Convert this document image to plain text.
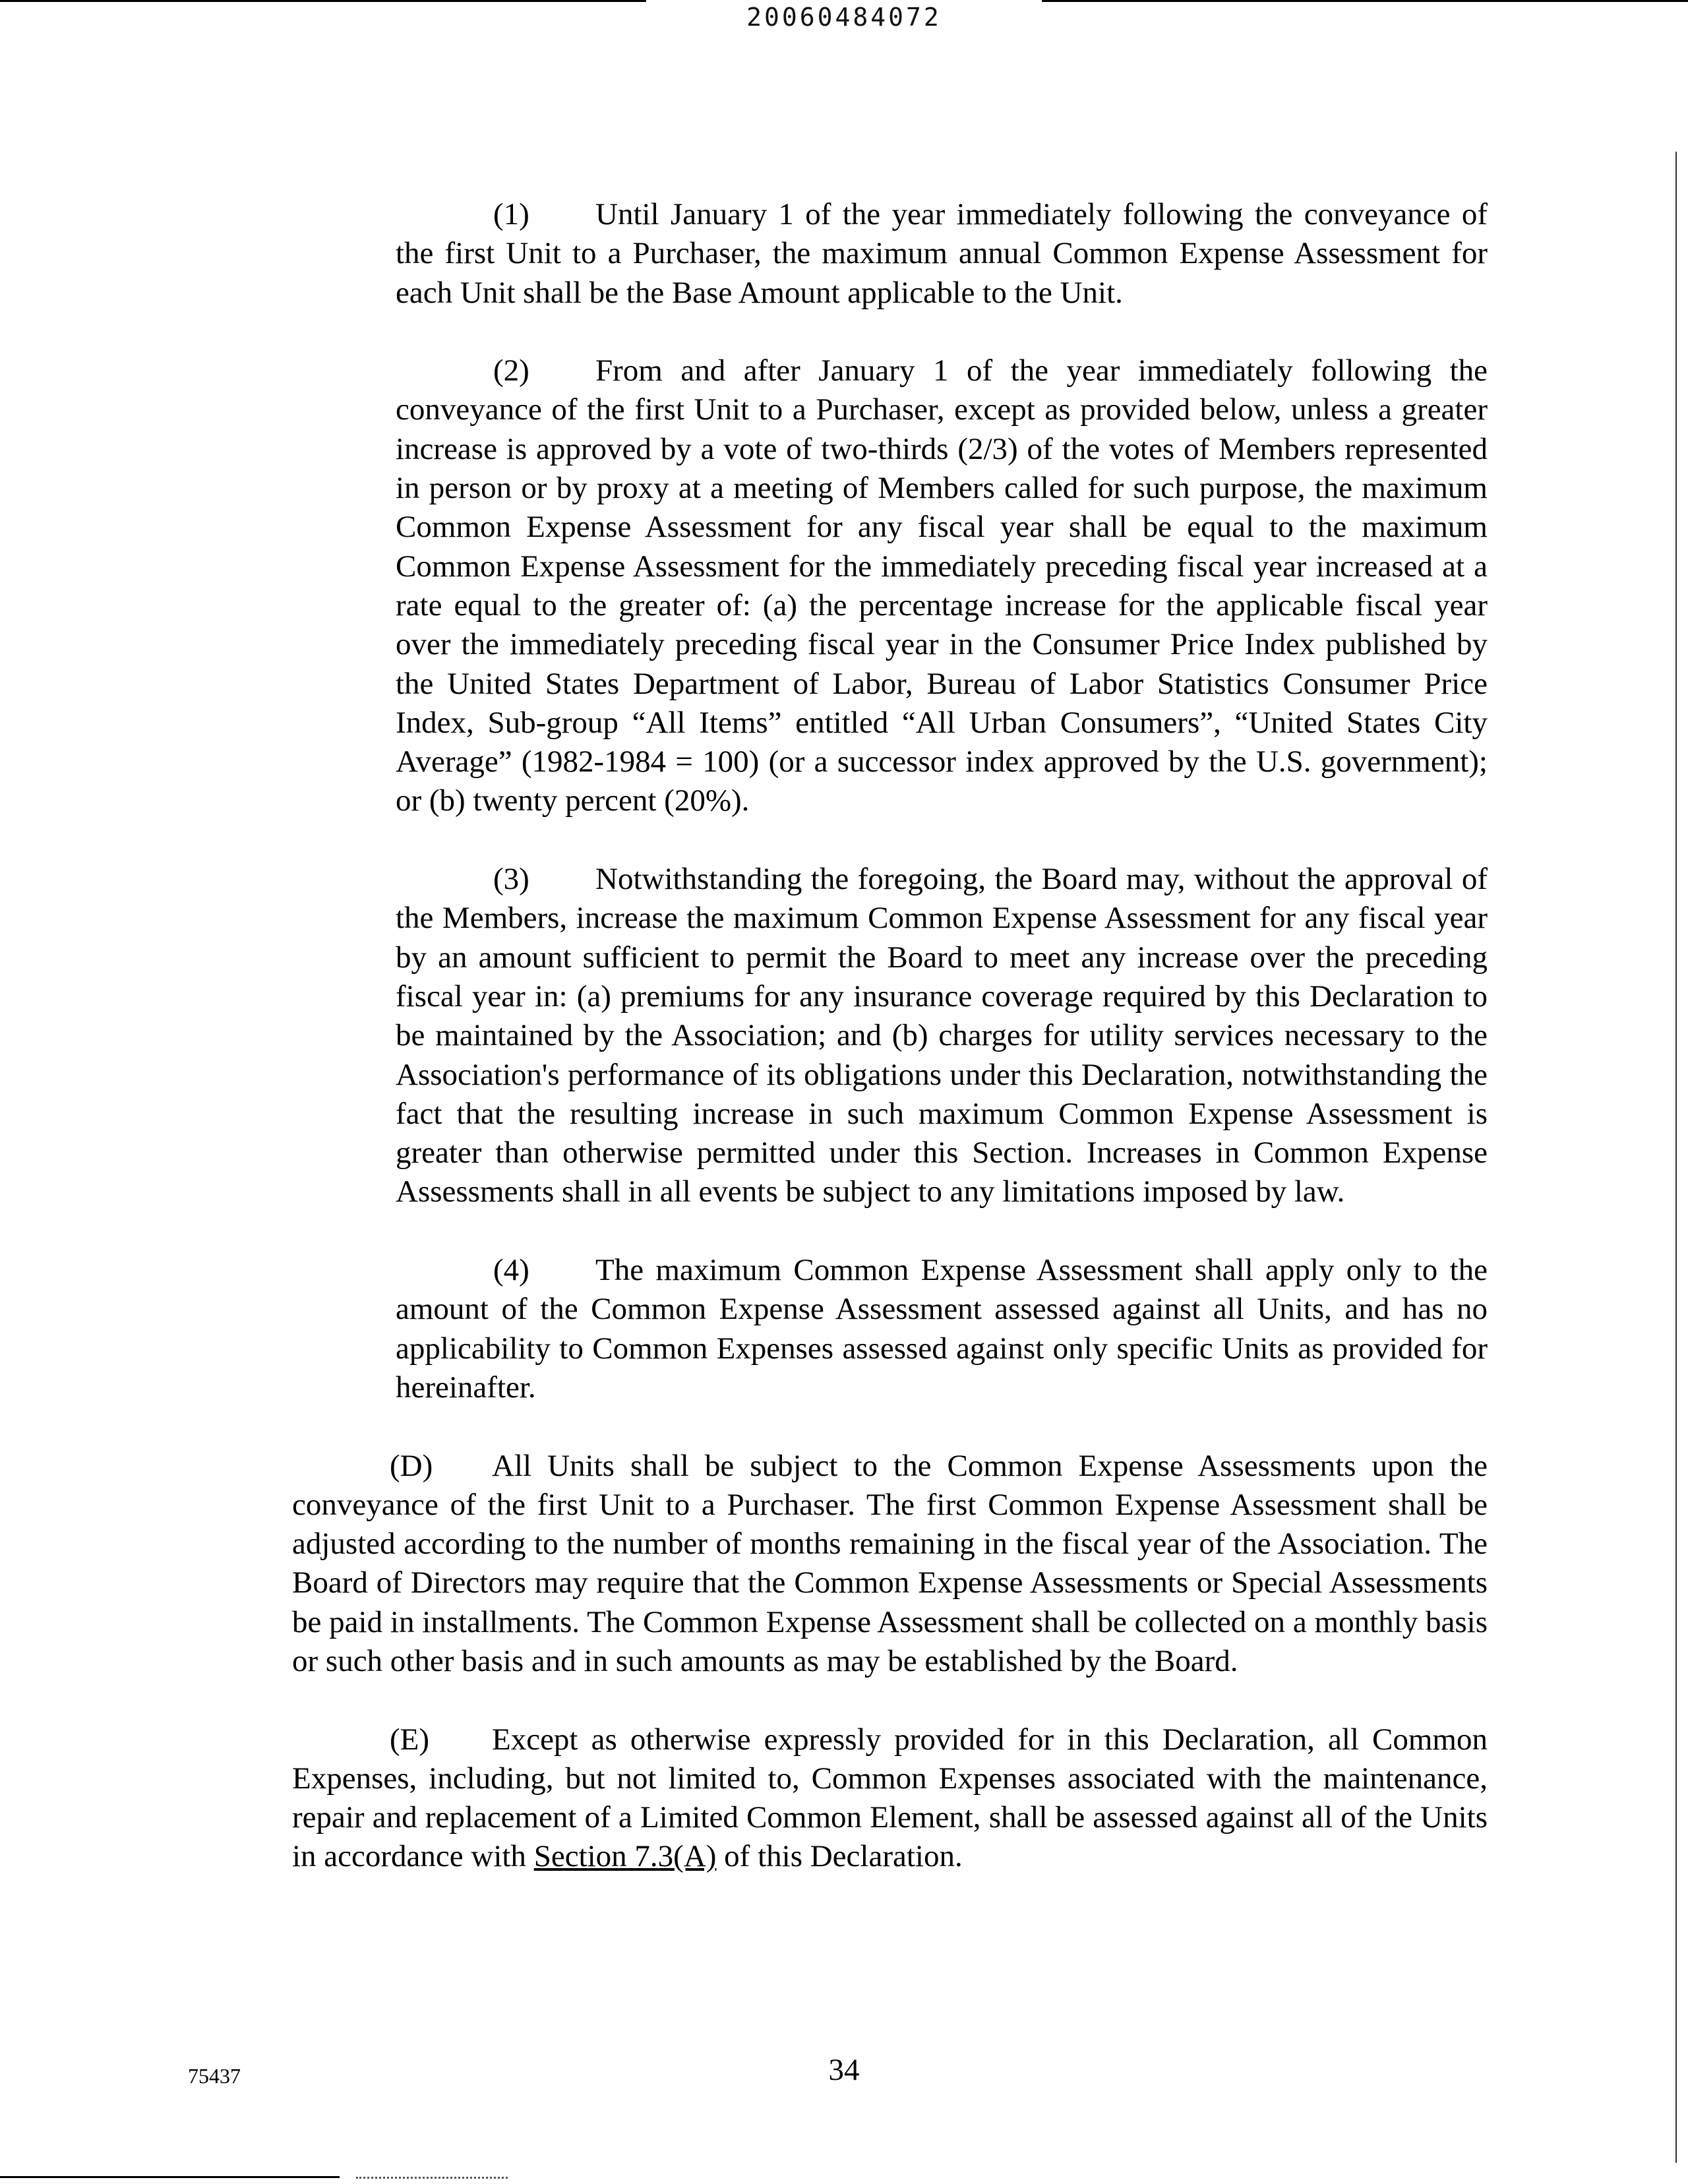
20060484072

(1) Until January 1 of the year immediately following the conveyance of the first Unit to a Purchaser, the maximum annual Common Expense Assessment for each Unit shall be the Base Amount applicable to the Unit.

(2) From and after January 1 of the year immediately following the conveyance of the first Unit to a Purchaser, except as provided below, unless a greater increase is approved by a vote of two-thirds (2/3) of the votes of Members represented in person or by proxy at a meeting of Members called for such purpose, the maximum Common Expense Assessment for any fiscal year shall be equal to the maximum Common Expense Assessment for the immediately preceding fiscal year increased at a rate equal to the greater of: (a) the percentage increase for the applicable fiscal year over the immediately preceding fiscal year in the Consumer Price Index published by the United States Department of Labor, Bureau of Labor Statistics Consumer Price Index, Sub-group “All Items” entitled “All Urban Consumers”, “United States City Average” (1982-1984 = 100) (or a successor index approved by the U.S. government); or (b) twenty percent (20%).

(3) Notwithstanding the foregoing, the Board may, without the approval of the Members, increase the maximum Common Expense Assessment for any fiscal year by an amount sufficient to permit the Board to meet any increase over the preceding fiscal year in: (a) premiums for any insurance coverage required by this Declaration to be maintained by the Association; and (b) charges for utility services necessary to the Association's performance of its obligations under this Declaration, notwithstanding the fact that the resulting increase in such maximum Common Expense Assessment is greater than otherwise permitted under this Section. Increases in Common Expense Assessments shall in all events be subject to any limitations imposed by law.

(4) The maximum Common Expense Assessment shall apply only to the amount of the Common Expense Assessment assessed against all Units, and has no applicability to Common Expenses assessed against only specific Units as provided for hereinafter.

(D) All Units shall be subject to the Common Expense Assessments upon the conveyance of the first Unit to a Purchaser. The first Common Expense Assessment shall be adjusted according to the number of months remaining in the fiscal year of the Association. The Board of Directors may require that the Common Expense Assessments or Special Assessments be paid in installments. The Common Expense Assessment shall be collected on a monthly basis or such other basis and in such amounts as may be established by the Board.

(E) Except as otherwise expressly provided for in this Declaration, all Common Expenses, including, but not limited to, Common Expenses associated with the maintenance, repair and replacement of a Limited Common Element, shall be assessed against all of the Units in accordance with Section 7.3(A) of this Declaration.

75437	34
